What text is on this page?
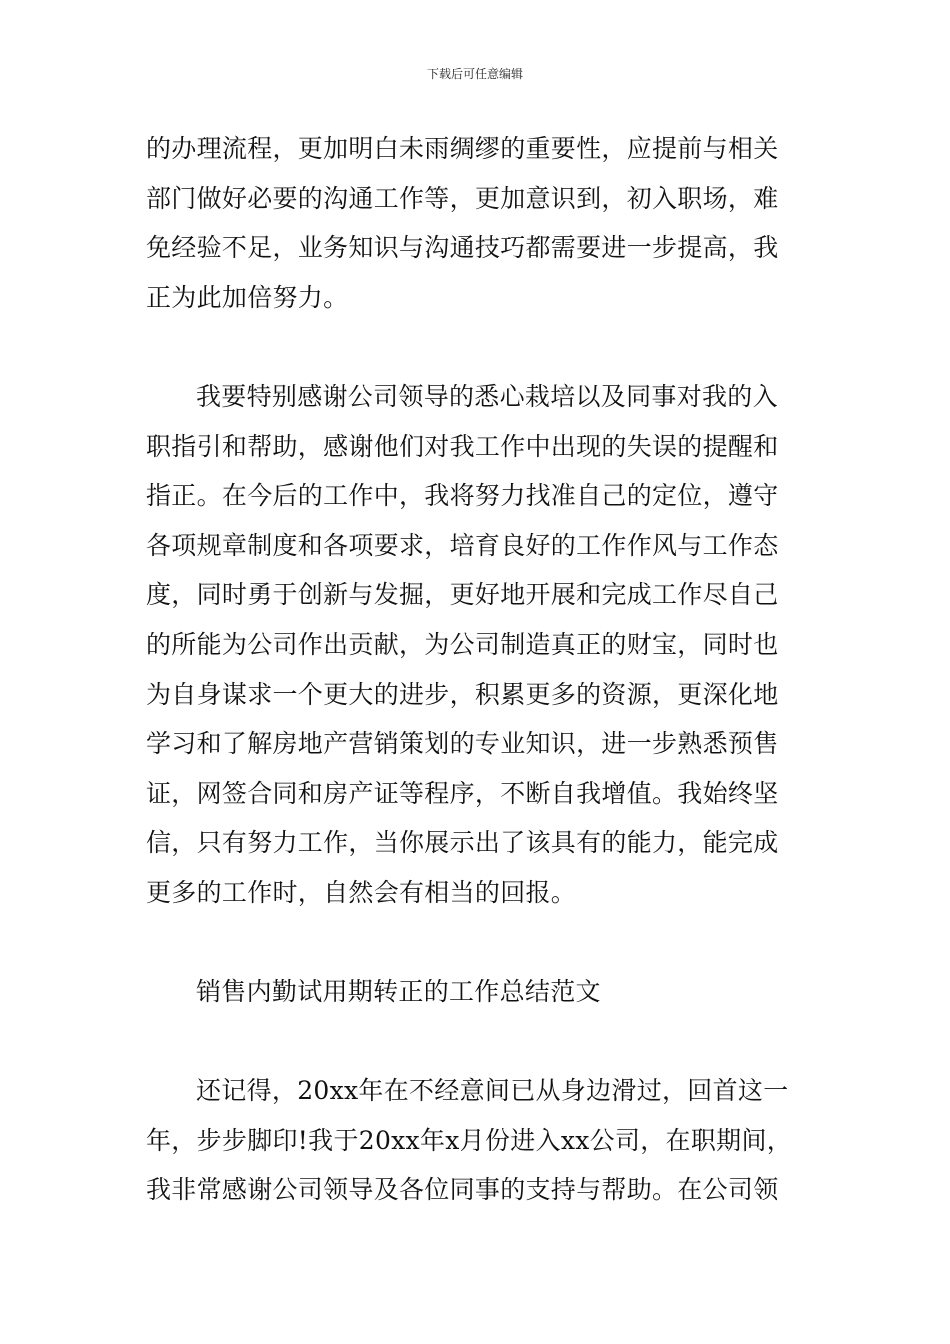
下载后可任意编辑

的办理流程，更加明白未雨绸缪的重要性，应提前与相关
部门做好必要的沟通工作等，更加意识到，初入职场，难
免经验不足，业务知识与沟通技巧都需要进一步提高，我
正为此加倍努力。

我要特别感谢公司领导的悉心栽培以及同事对我的入
职指引和帮助，感谢他们对我工作中出现的失误的提醒和
指正。在今后的工作中，我将努力找准自己的定位，遵守
各项规章制度和各项要求，培育良好的工作作风与工作态
度，同时勇于创新与发掘，更好地开展和完成工作尽自己
的所能为公司作出贡献，为公司制造真正的财宝，同时也
为自身谋求一个更大的进步，积累更多的资源，更深化地
学习和了解房地产营销策划的专业知识，进一步熟悉预售
证，网签合同和房产证等程序，不断自我增值。我始终坚
信，只有努力工作，当你展示出了该具有的能力，能完成
更多的工作时，自然会有相当的回报。

销售内勤试用期转正的工作总结范文

还记得，20xx年在不经意间已从身边滑过，回首这一
年，步步脚印!我于20xx年x月份进入xx公司，在职期间，
我非常感谢公司领导及各位同事的支持与帮助。在公司领
